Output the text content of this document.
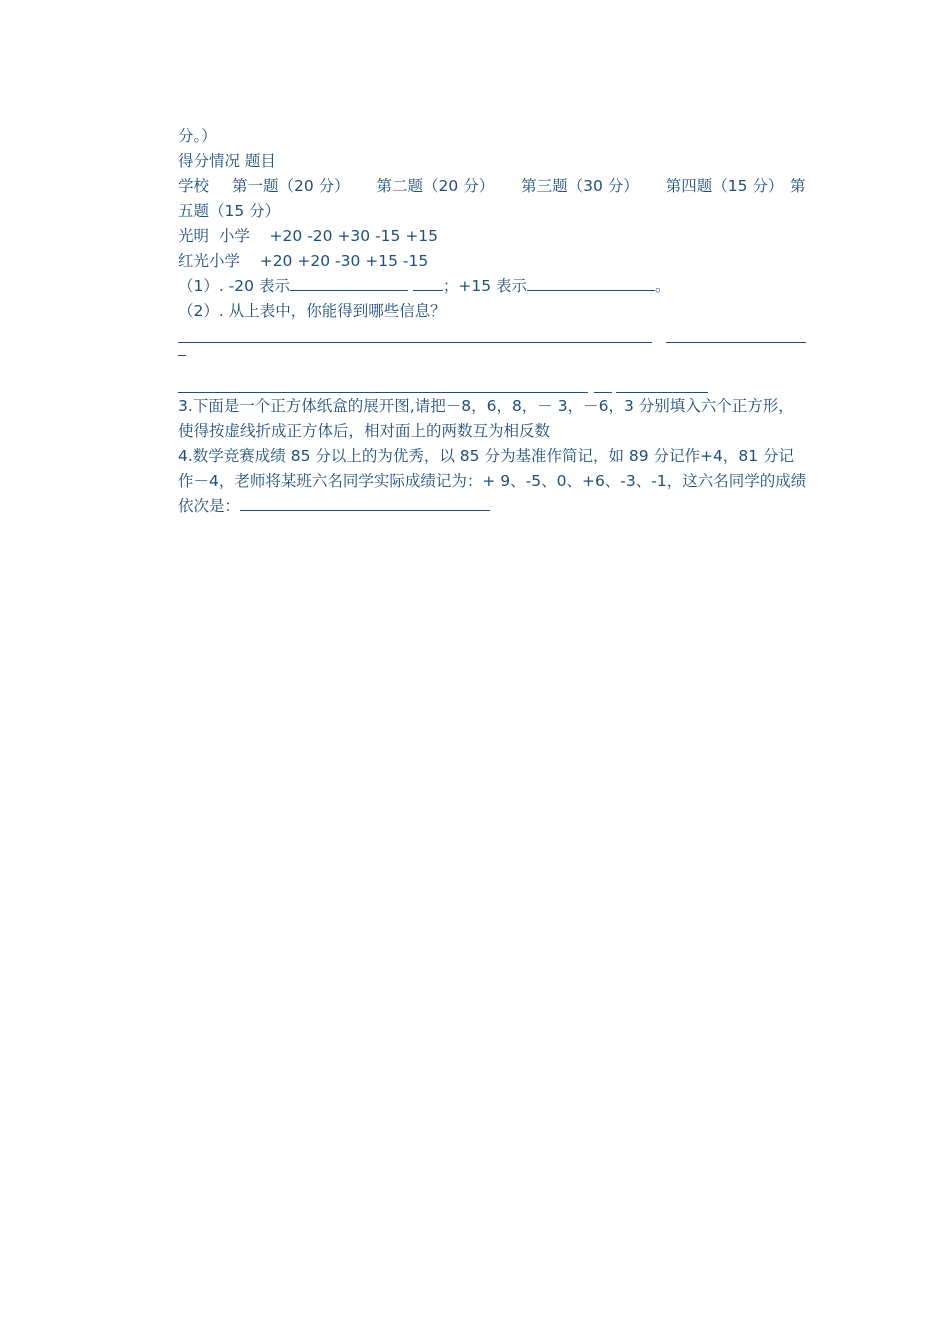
分。）
得分情况 题目
学校 第一题（20 分） 第二题（20 分） 第三题（30 分） 第四题（15 分） 第
五题（15 分）
光明  小学    +20 -20 +30 -15 +15
红光小学    +20 +20 -30 +15 -15
（1）. -20 表示	；+15 表示	。
（2）. 从上表中，你能得到哪些信息？
3.下面是一个正方体纸盒的展开图,请把－8，6，8，－ 3，－6，3 分别填入六个正方形，使得按虚线折成正方体后，相对面上的两数互为相反数
4.数学竞赛成绩 85 分以上的为优秀，以 85 分为基准作简记，如 89 分记作+4，81 分记作－4，老师将某班六名同学实际成绩记为：+ 9、-5、0、+6、-3、-1，这六名同学的成绩依次是：
